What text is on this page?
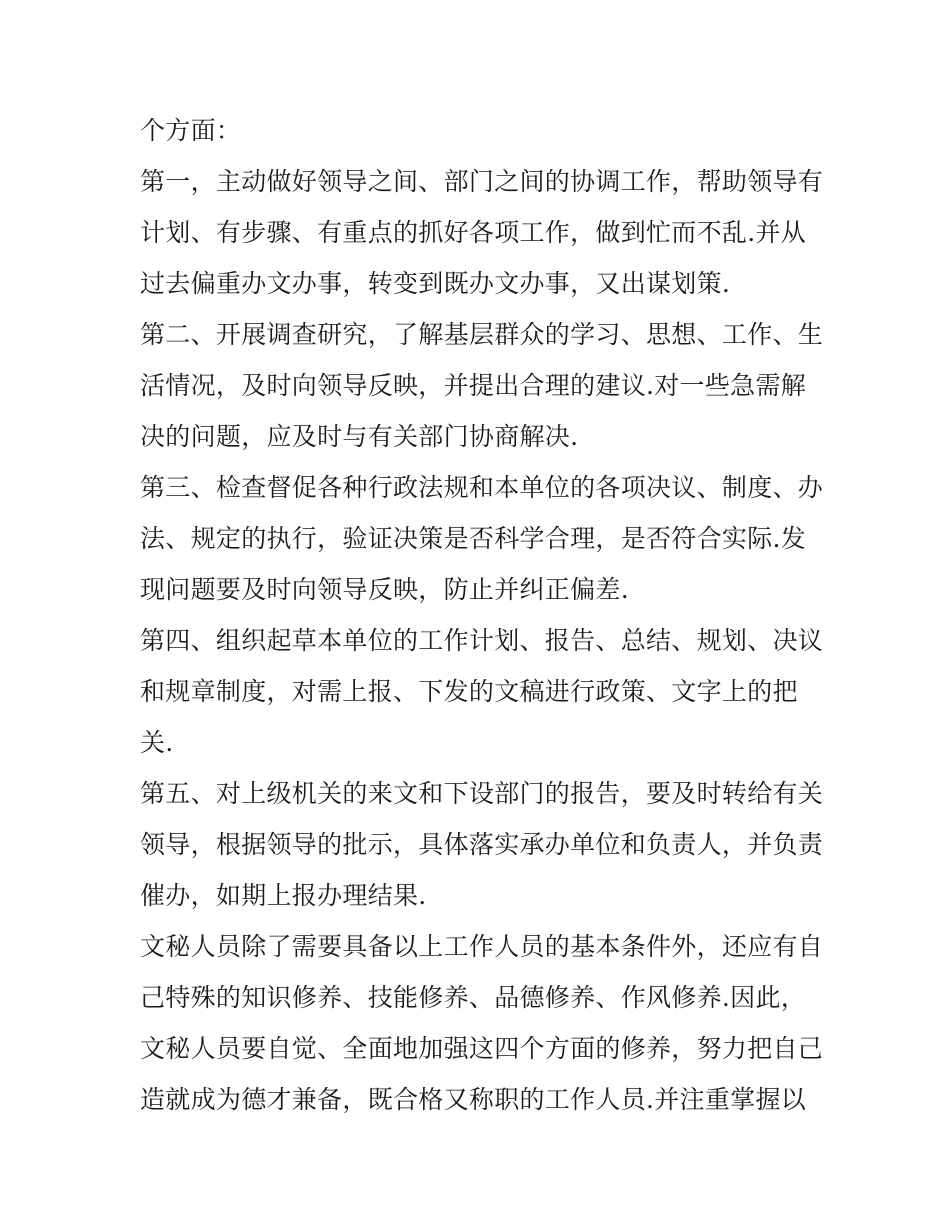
个方面：
第一，主动做好领导之间、部门之间的协调工作，帮助领导有
计划、有步骤、有重点的抓好各项工作，做到忙而不乱.并从
过去偏重办文办事，转变到既办文办事，又出谋划策.
第二、开展调查研究，了解基层群众的学习、思想、工作、生
活情况，及时向领导反映，并提出合理的建议.对一些急需解
决的问题，应及时与有关部门协商解决.
第三、检查督促各种行政法规和本单位的各项决议、制度、办
法、规定的执行，验证决策是否科学合理，是否符合实际.发
现问题要及时向领导反映，防止并纠正偏差.
第四、组织起草本单位的工作计划、报告、总结、规划、决议
和规章制度，对需上报、下发的文稿进行政策、文字上的把
关.
第五、对上级机关的来文和下设部门的报告，要及时转给有关
领导，根据领导的批示，具体落实承办单位和负责人，并负责
催办，如期上报办理结果.
文秘人员除了需要具备以上工作人员的基本条件外，还应有自
己特殊的知识修养、技能修养、品德修养、作风修养.因此，
文秘人员要自觉、全面地加强这四个方面的修养，努力把自己
造就成为德才兼备，既合格又称职的工作人员.并注重掌握以
